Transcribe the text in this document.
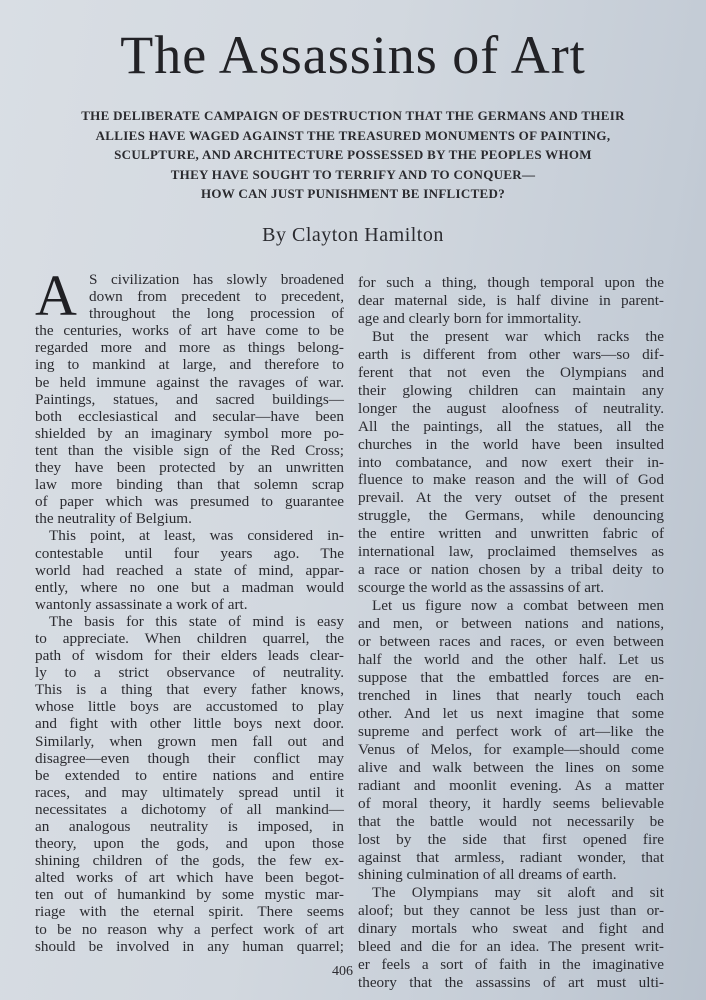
The Assassins of Art
THE DELIBERATE CAMPAIGN OF DESTRUCTION THAT THE GERMANS AND THEIR
ALLIES HAVE WAGED AGAINST THE TREASURED MONUMENTS OF PAINTING,
SCULPTURE, AND ARCHITECTURE POSSESSED BY THE PEOPLES WHOM
THEY HAVE SOUGHT TO TERRIFY AND TO CONQUER—
HOW CAN JUST PUNISHMENT BE INFLICTED?
By Clayton Hamilton
A S civilization has slowly broadened
down from precedent to precedent,
throughout the long procession of
the centuries, works of art have come to be
regarded more and more as things belong-
ing to mankind at large, and therefore to
be held immune against the ravages of war.
Paintings, statues, and sacred buildings—
both ecclesiastical and secular—have been
shielded by an imaginary symbol more po-
tent than the visible sign of the Red Cross;
they have been protected by an unwritten
law more binding than that solemn scrap
of paper which was presumed to guarantee
the neutrality of Belgium.
This point, at least, was considered in-
contestable until four years ago. The
world had reached a state of mind, appar-
ently, where no one but a madman would
wantonly assassinate a work of art.
The basis for this state of mind is easy
to appreciate. When children quarrel, the
path of wisdom for their elders leads clear-
ly to a strict observance of neutrality.
This is a thing that every father knows,
whose little boys are accustomed to play
and fight with other little boys next door.
Similarly, when grown men fall out and
disagree—even though their conflict may
be extended to entire nations and entire
races, and may ultimately spread until it
necessitates a dichotomy of all mankind—
an analogous neutrality is imposed, in
theory, upon the gods, and upon those
shining children of the gods, the few ex-
alted works of art which have been begot-
ten out of humankind by some mystic mar-
riage with the eternal spirit. There seems
to be no reason why a perfect work of art
should be involved in any human quarrel;
for such a thing, though temporal upon the
dear maternal side, is half divine in parent-
age and clearly born for immortality.
But the present war which racks the
earth is different from other wars—so dif-
ferent that not even the Olympians and
their glowing children can maintain any
longer the august aloofness of neutrality.
All the paintings, all the statues, all the
churches in the world have been insulted
into combatance, and now exert their in-
fluence to make reason and the will of God
prevail. At the very outset of the present
struggle, the Germans, while denouncing
the entire written and unwritten fabric of
international law, proclaimed themselves as
a race or nation chosen by a tribal deity to
scourge the world as the assassins of art.
Let us figure now a combat between men
and men, or between nations and nations,
or between races and races, or even between
half the world and the other half. Let us
suppose that the embattled forces are en-
trenched in lines that nearly touch each
other. And let us next imagine that some
supreme and perfect work of art—like the
Venus of Melos, for example—should come
alive and walk between the lines on some
radiant and moonlit evening. As a matter
of moral theory, it hardly seems believable
that the battle would not necessarily be
lost by the side that first opened fire
against that armless, radiant wonder, that
shining culmination of all dreams of earth.
The Olympians may sit aloft and sit
aloof; but they cannot be less just than or-
dinary mortals who sweat and fight and
bleed and die for an idea. The present writ-
er feels a sort of faith in the imaginative
theory that the assassins of art must ulti-
406
